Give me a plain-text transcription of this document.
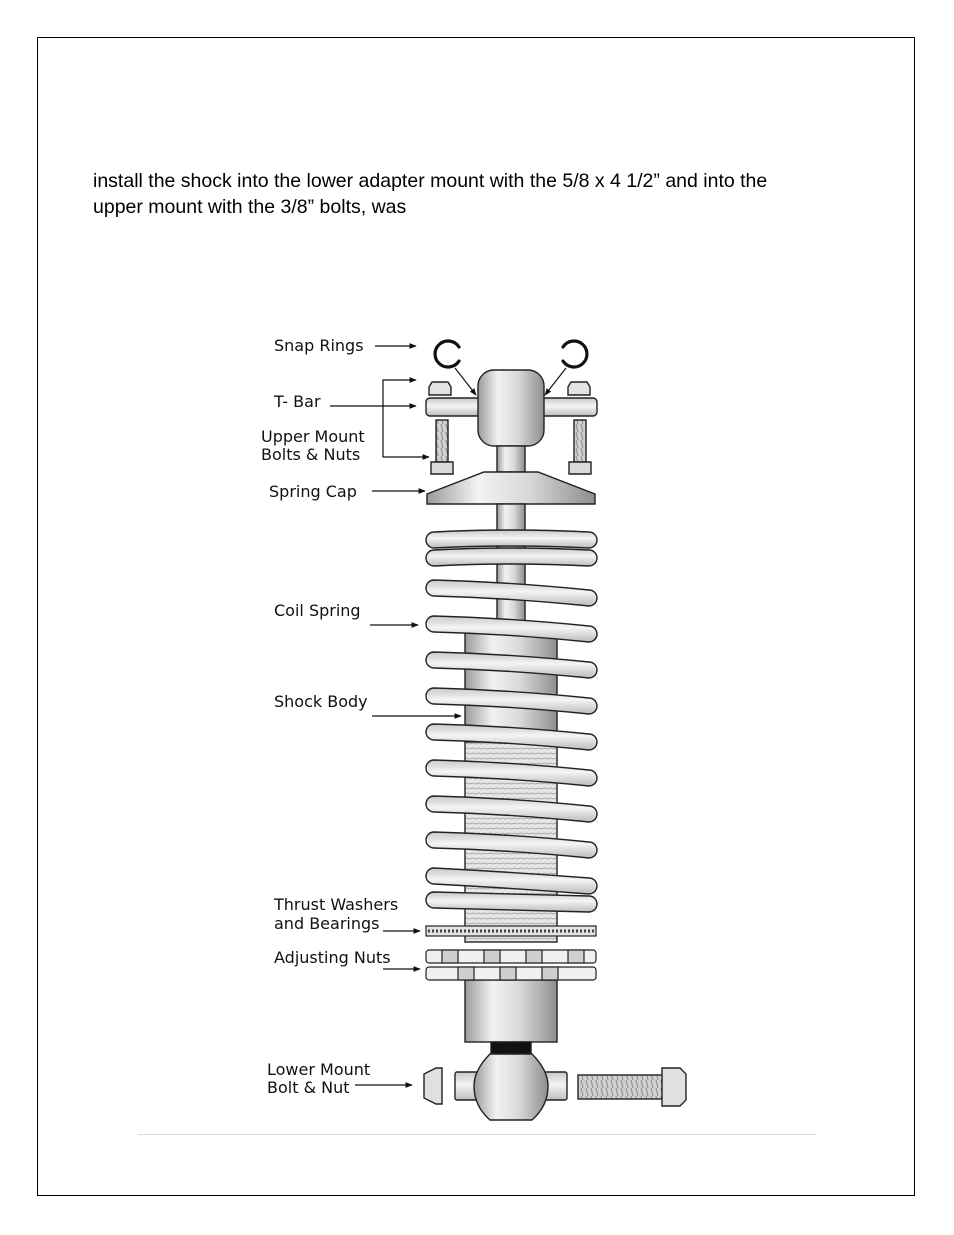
install the shock into the lower adapter mount with the 5/8 x 4 1/2” and into the
upper mount with the 3/8” bolts, was

Snap Rings
T- Bar
Upper Mount
Bolts & Nuts
Spring Cap
Coil Spring
Shock Body
Thrust Washers
and Bearings
Adjusting Nuts
Lower Mount
Bolt & Nut
